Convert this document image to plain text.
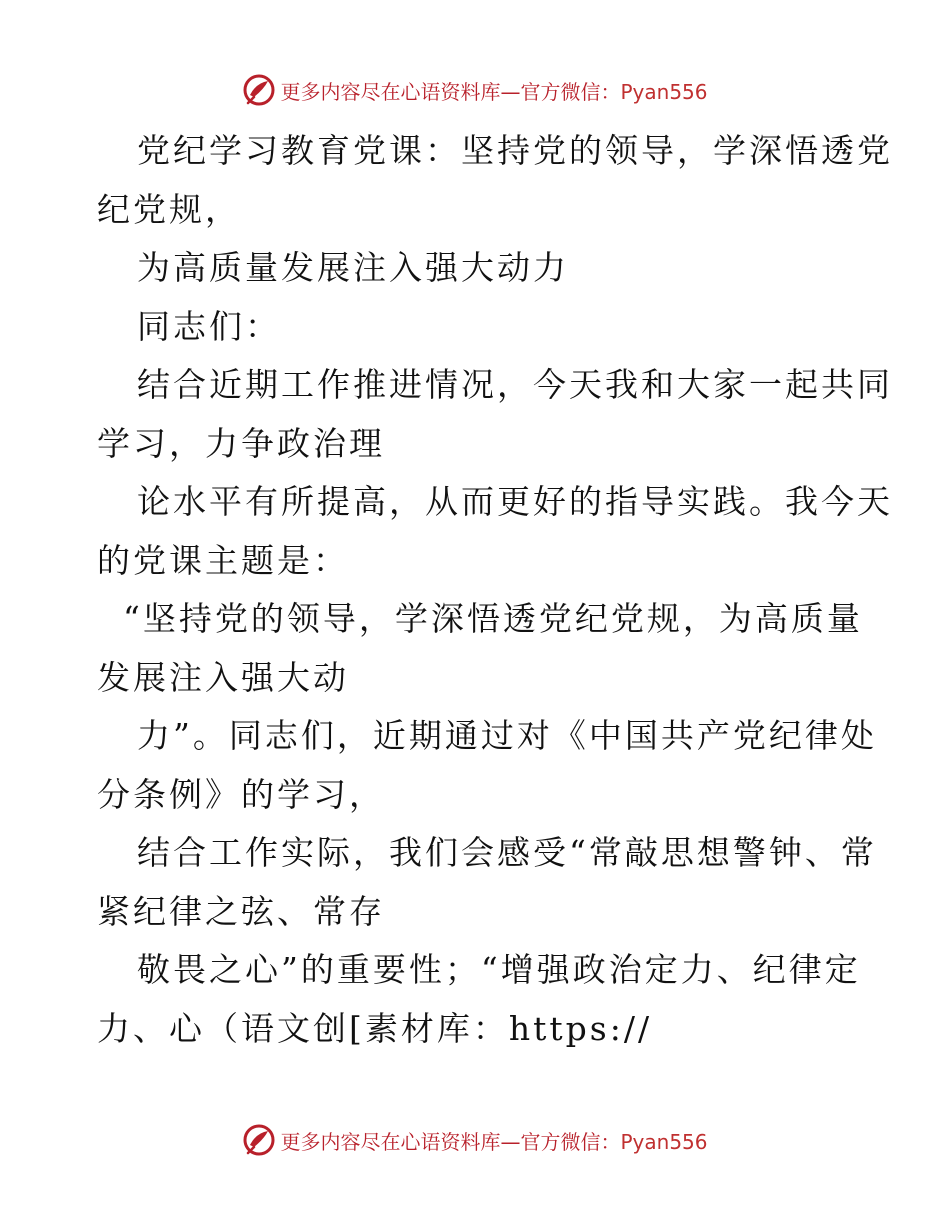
更多内容尽在心语资料库—官方微信：Pyan556
党纪学习教育党课：坚持党的领导，学深悟透党
纪党规，
为高质量发展注入强大动力
同志们：
结合近期工作推进情况，今天我和大家一起共同
学习，力争政治理
论水平有所提高，从而更好的指导实践。我今天
的党课主题是：
“坚持党的领导，学深悟透党纪党规，为高质量
发展注入强大动
力”。同志们，近期通过对《中国共产党纪律处
分条例》的学习，
结合工作实际，我们会感受“常敲思想警钟、常
紧纪律之弦、常存
敬畏之心”的重要性；“增强政治定力、纪律定
力、心（语文创[素材库：https://
更多内容尽在心语资料库—官方微信：Pyan556
